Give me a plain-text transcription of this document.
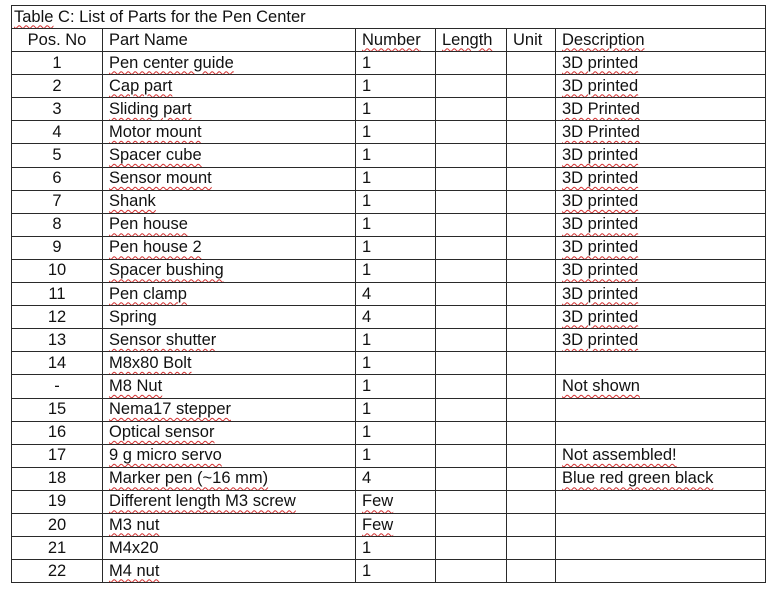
Table C: List of Parts for the Pen Center					
Pos. No	Part Name	Number	Length	Unit	Description
1	Pen center guide	1			3D printed
2	Cap part	1			3D printed
3	Sliding part	1			3D Printed
4	Motor mount	1			3D Printed
5	Spacer cube	1			3D printed
6	Sensor mount	1			3D printed
7	Shank	1			3D printed
8	Pen house	1			3D printed
9	Pen house 2	1			3D printed
10	Spacer bushing	1			3D printed
11	Pen clamp	4			3D printed
12	Spring	4			3D printed
13	Sensor shutter	1			3D printed
14	M8x80 Bolt	1			
-	M8 Nut	1			Not shown
15	Nema17 stepper	1			
16	Optical sensor	1			
17	9 g micro servo	1			Not assembled!
18	Marker pen (~16 mm)	4			Blue red green black
19	Different length M3 screw	Few			
20	M3 nut	Few			
21	M4x20	1			
22	M4 nut	1			
